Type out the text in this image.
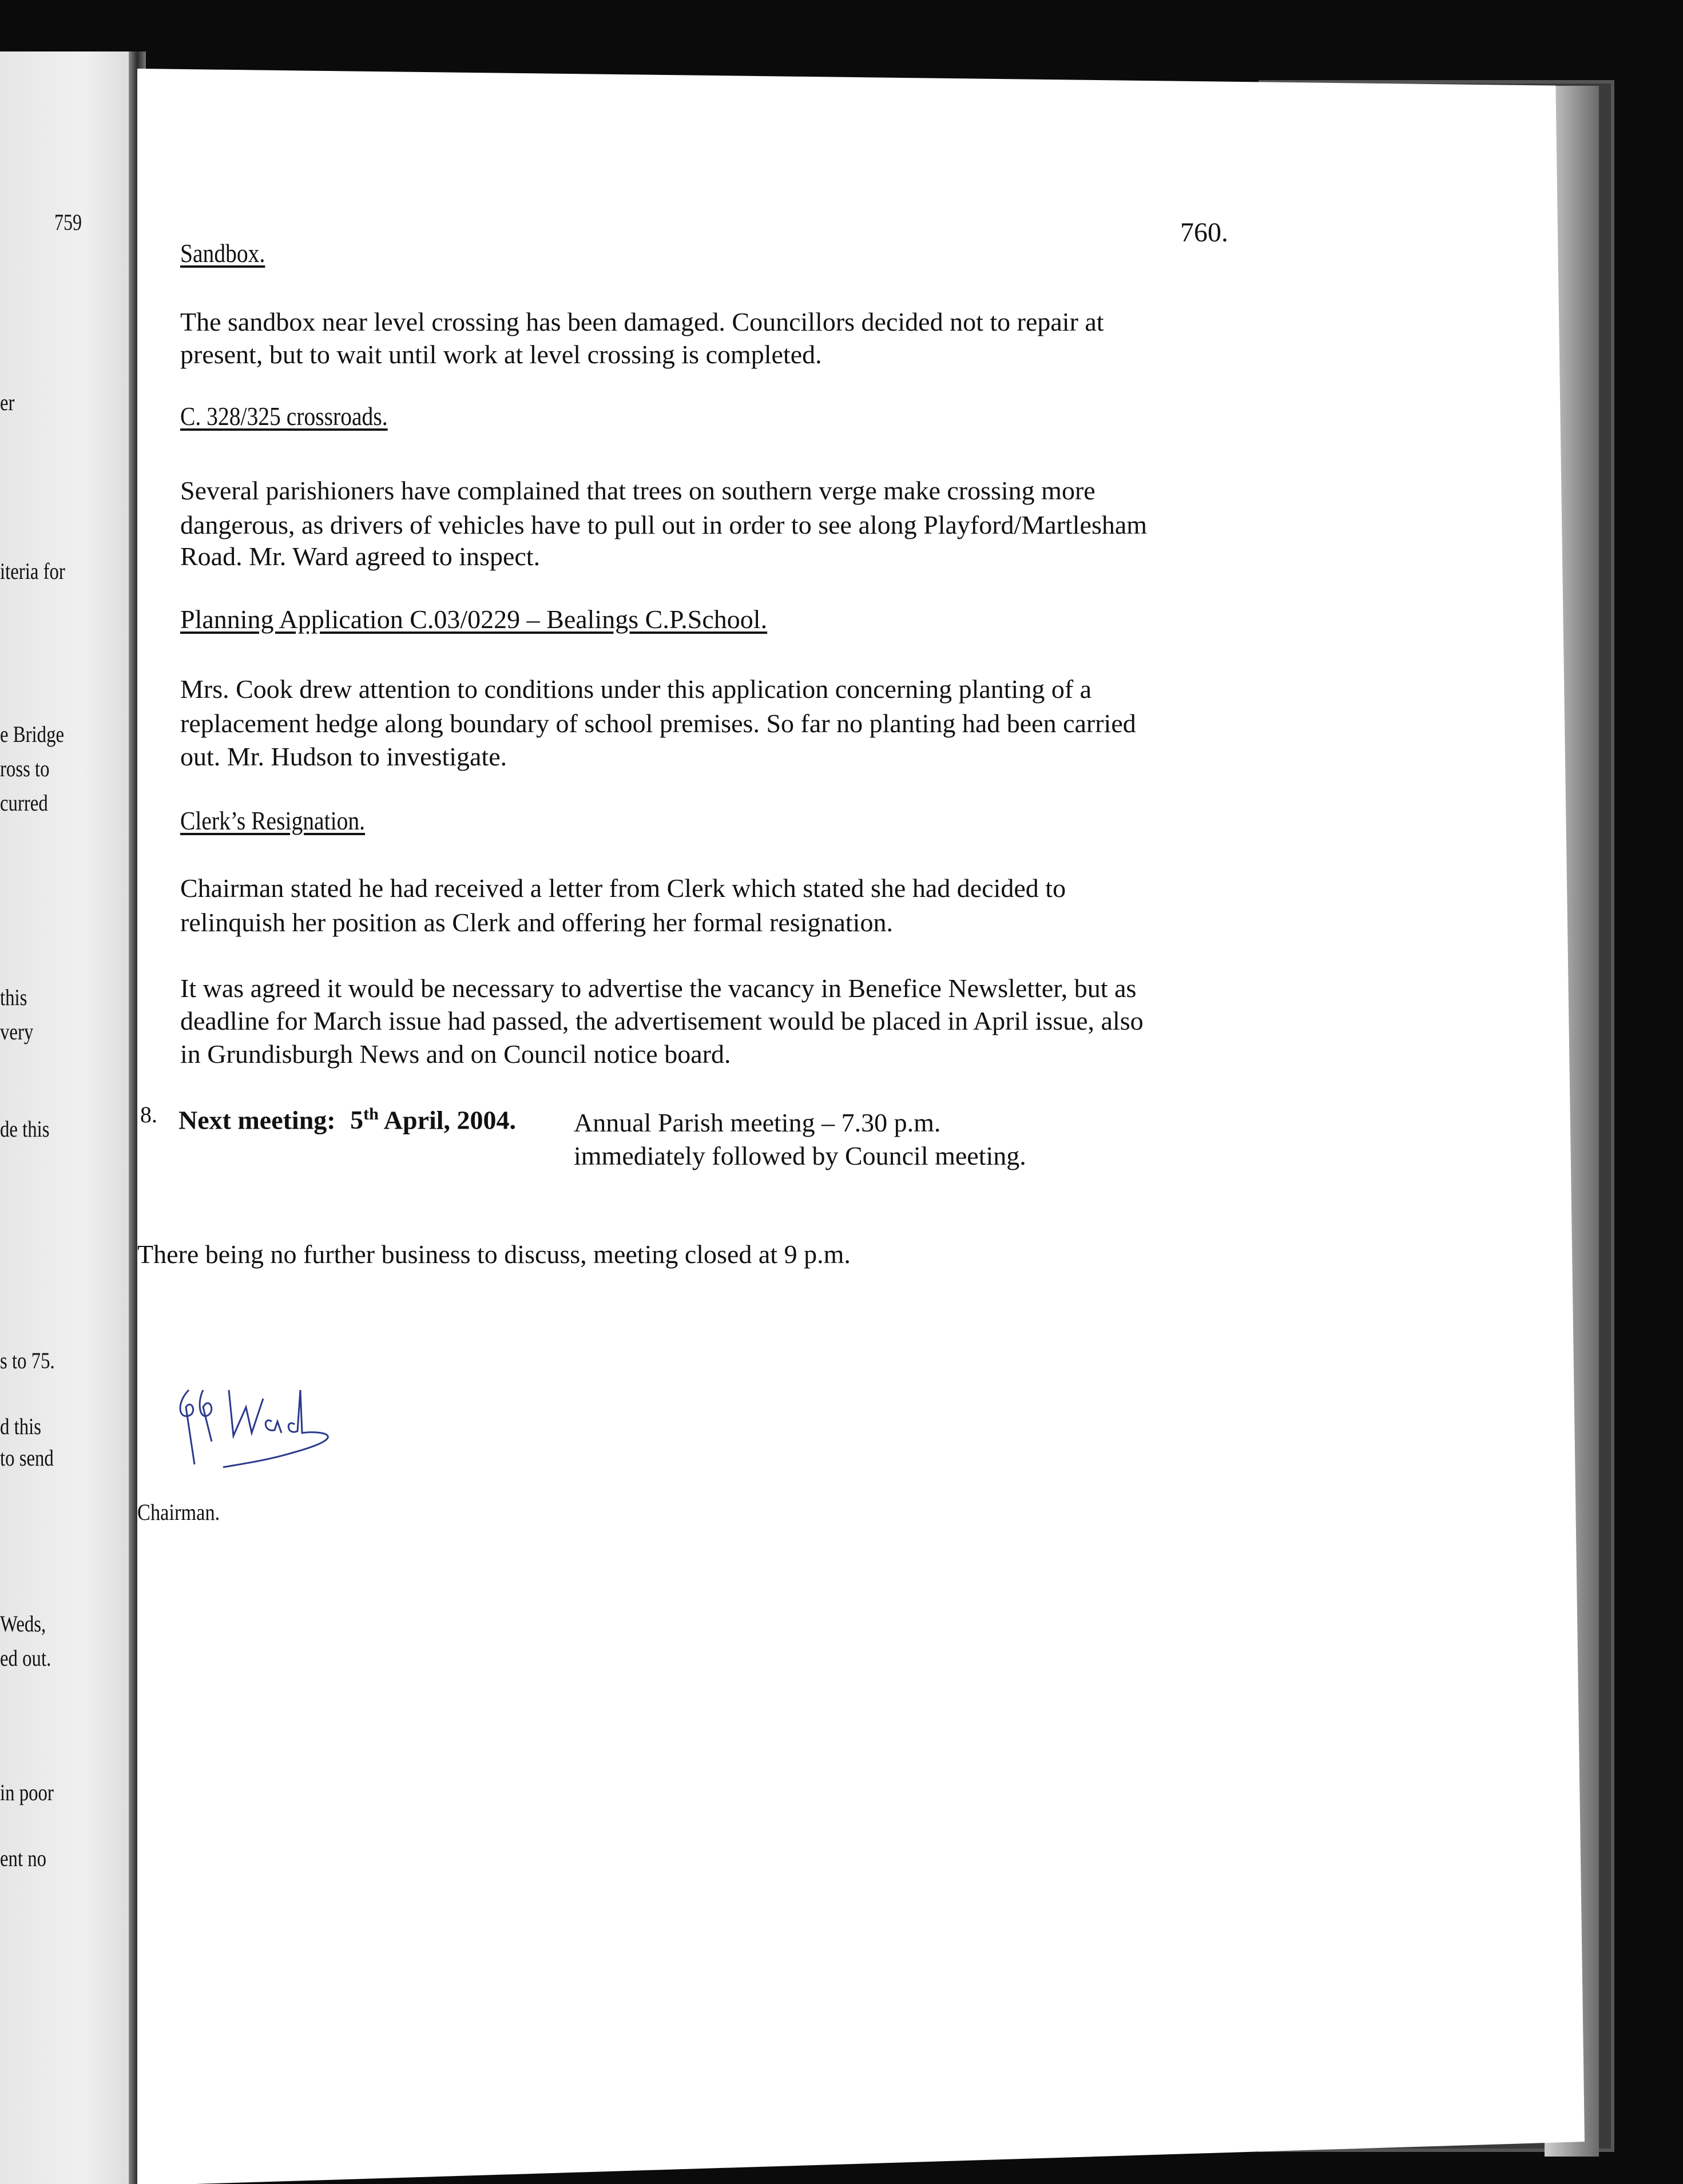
759
er
iteria for
e Bridge
ross to
curred
this
very
de this
s to 75.
d this
to send
Weds,
ed out.
in poor
ent no
760.
Sandbox.
The sandbox near level crossing has been damaged. Councillors decided not to repair at
present, but to wait until work at level crossing is completed.
C. 328/325 crossroads.
Several parishioners have complained that trees on southern verge make crossing more
dangerous, as drivers of vehicles have to pull out in order to see along Playford/Martlesham
Road. Mr. Ward agreed to inspect.
Planning Application C.03/0229 – Bealings C.P.School.
Mrs. Cook drew attention to conditions under this application concerning planting of a
replacement hedge along boundary of school premises. So far no planting had been carried
out. Mr. Hudson to investigate.
Clerk’s Resignation.
Chairman stated he had received a letter from Clerk which stated she had decided to
relinquish her position as Clerk and offering her formal resignation.
It was agreed it would be necessary to advertise the vacancy in Benefice Newsletter, but as
deadline for March issue had passed, the advertisement would be placed in April issue, also
in Grundisburgh News and on Council notice board.
8. Next meeting: 5th April, 2004. Annual Parish meeting – 7.30 p.m.
immediately followed by Council meeting.
There being no further business to discuss, meeting closed at 9 p.m.
Chairman.
